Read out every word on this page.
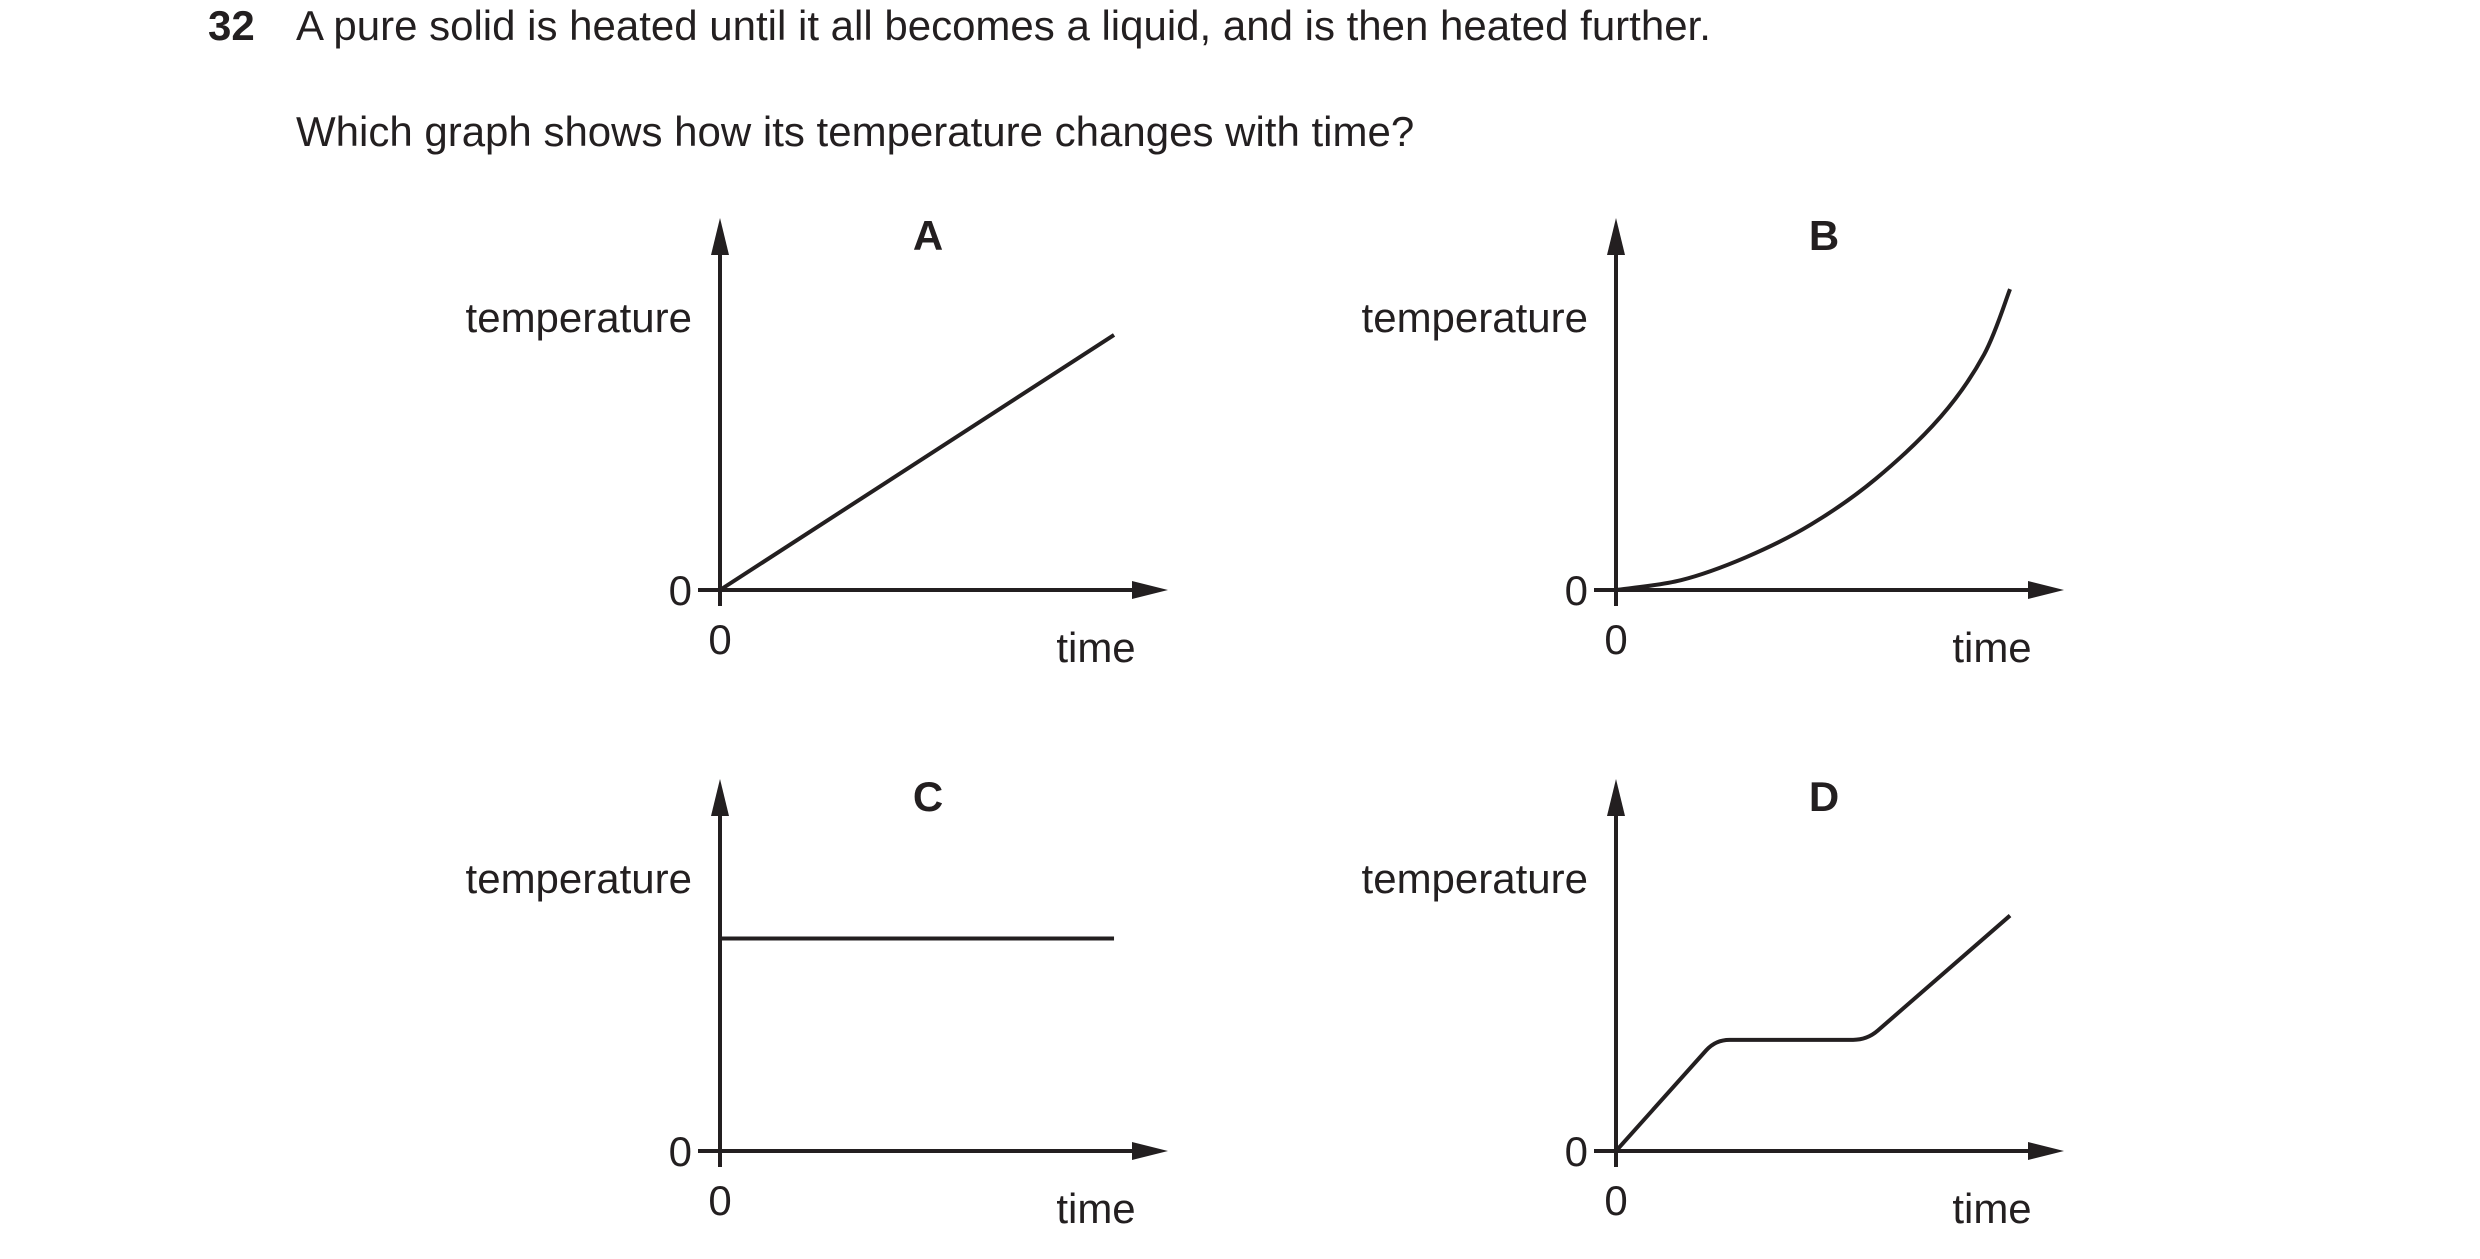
32 A pure solid is heated until it all becomes a liquid, and is then heated further.
Which graph shows how its temperature changes with time?
A
temperature
time
0
0
B
temperature
time
0
0
C
temperature
time
0
0
D
temperature
time
0
0
